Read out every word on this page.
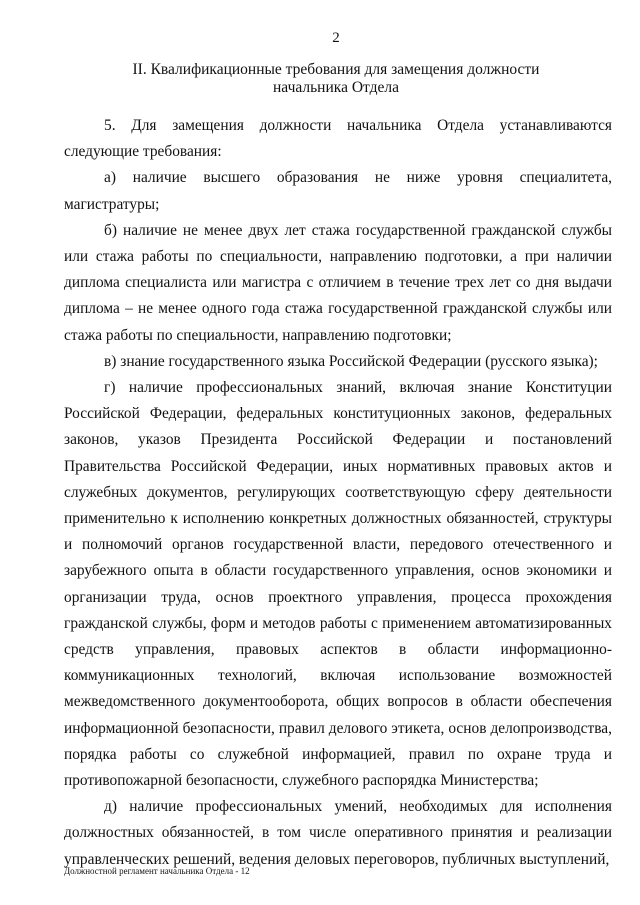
2
II. Квалификационные требования для замещения должности
начальника Отдела

5. Для замещения должности начальника Отдела устанавливаются следующие требования:

а) наличие высшего образования не ниже уровня специалитета, магистратуры;

б) наличие не менее двух лет стажа государственной гражданской службы или стажа работы по специальности, направлению подготовки, а при наличии диплома специалиста или магистра с отличием в течение трех лет со дня выдачи диплома – не менее одного года стажа государственной гражданской службы или стажа работы по специальности, направлению подготовки;

в) знание государственного языка Российской Федерации (русского языка);

г) наличие профессиональных знаний, включая знание Конституции Российской Федерации, федеральных конституционных законов, федеральных законов, указов Президента Российской Федерации и постановлений Правительства Российской Федерации, иных нормативных правовых актов и служебных документов, регулирующих соответствующую сферу деятельности применительно к исполнению конкретных должностных обязанностей, структуры и полномочий органов государственной власти, передового отечественного и зарубежного опыта в области государственного управления, основ экономики и организации труда, основ проектного управления, процесса прохождения гражданской службы, форм и методов работы с применением автоматизированных средств управления, правовых аспектов в области информационно-коммуникационных технологий, включая использование возможностей межведомственного документооборота, общих вопросов в области обеспечения информационной безопасности, правил делового этикета, основ делопроизводства, порядка работы со служебной информацией, правил по охране труда и противопожарной безопасности, служебного распорядка Министерства;

д) наличие профессиональных умений, необходимых для исполнения должностных обязанностей, в том числе оперативного принятия и реализации управленческих решений, ведения деловых переговоров, публичных выступлений,

Должностной регламент начальника Отдела - 12
